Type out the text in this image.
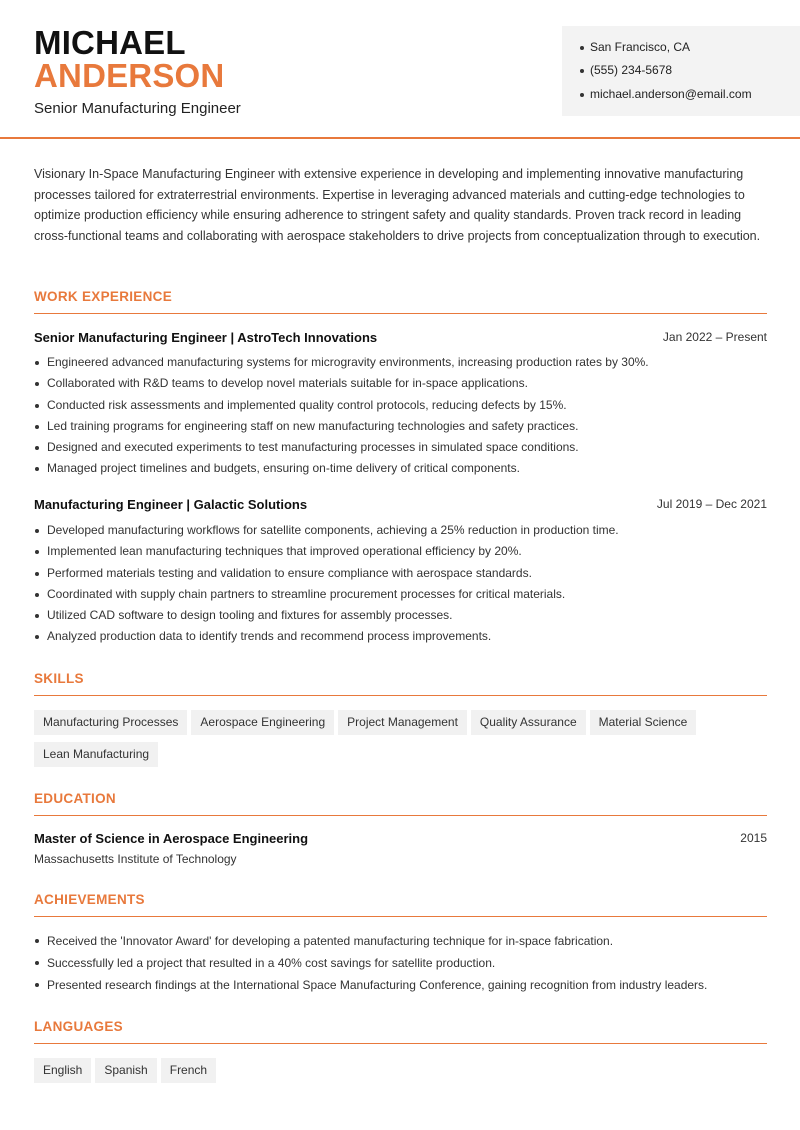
MICHAEL
ANDERSON
Senior Manufacturing Engineer
San Francisco, CA
(555) 234-5678
michael.anderson@email.com
Visionary In-Space Manufacturing Engineer with extensive experience in developing and implementing innovative manufacturing processes tailored for extraterrestrial environments. Expertise in leveraging advanced materials and cutting-edge technologies to optimize production efficiency while ensuring adherence to stringent safety and quality standards. Proven track record in leading cross-functional teams and collaborating with aerospace stakeholders to drive projects from conceptualization through to execution.
WORK EXPERIENCE
Senior Manufacturing Engineer | AstroTech Innovations	Jan 2022 – Present
Engineered advanced manufacturing systems for microgravity environments, increasing production rates by 30%.
Collaborated with R&D teams to develop novel materials suitable for in-space applications.
Conducted risk assessments and implemented quality control protocols, reducing defects by 15%.
Led training programs for engineering staff on new manufacturing technologies and safety practices.
Designed and executed experiments to test manufacturing processes in simulated space conditions.
Managed project timelines and budgets, ensuring on-time delivery of critical components.
Manufacturing Engineer | Galactic Solutions	Jul 2019 – Dec 2021
Developed manufacturing workflows for satellite components, achieving a 25% reduction in production time.
Implemented lean manufacturing techniques that improved operational efficiency by 20%.
Performed materials testing and validation to ensure compliance with aerospace standards.
Coordinated with supply chain partners to streamline procurement processes for critical materials.
Utilized CAD software to design tooling and fixtures for assembly processes.
Analyzed production data to identify trends and recommend process improvements.
SKILLS
Manufacturing Processes Aerospace Engineering Project Management Quality Assurance Material ScienceLean Manufacturing
EDUCATION
Master of Science in Aerospace Engineering	2015
Massachusetts Institute of Technology
ACHIEVEMENTS
Received the 'Innovator Award' for developing a patented manufacturing technique for in-space fabrication.
Successfully led a project that resulted in a 40% cost savings for satellite production.
Presented research findings at the International Space Manufacturing Conference, gaining recognition from industry leaders.
LANGUAGES
English Spanish French
